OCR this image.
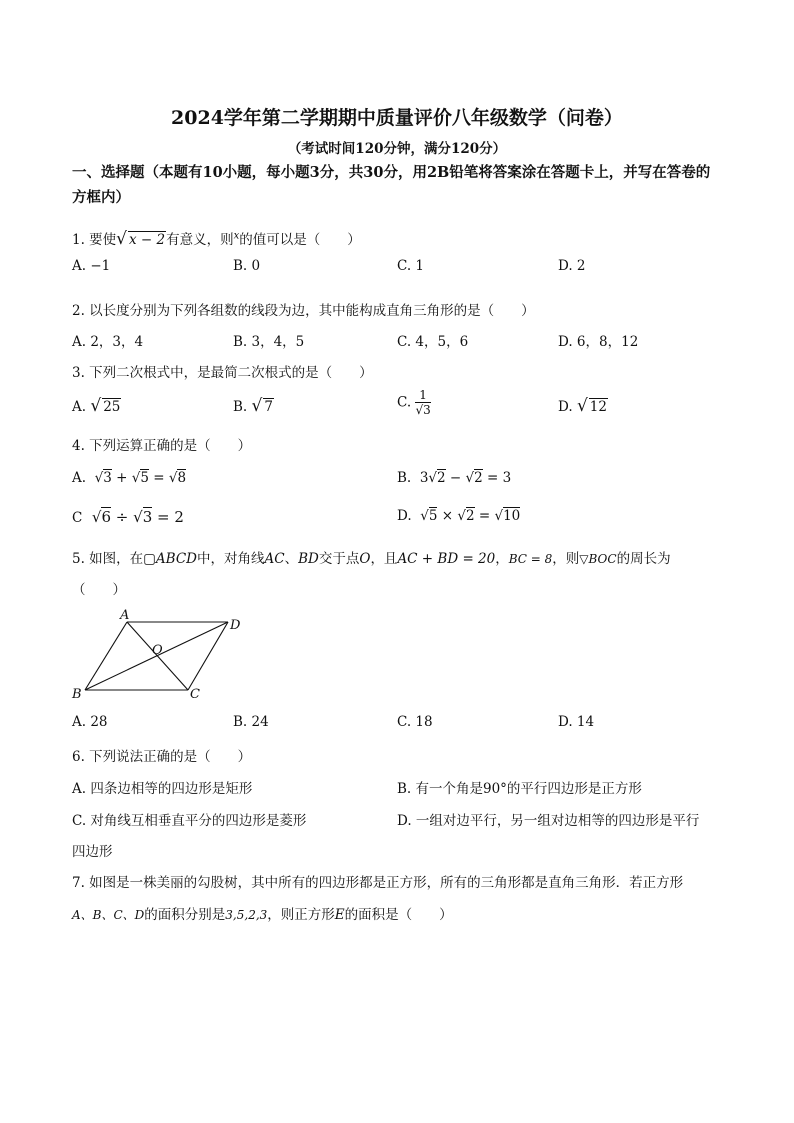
2024学年第二学期期中质量评价八年级数学（问卷）
（考试时间120分钟，满分120分）
一、选择题（本题有10小题，每小题3分，共30分，用2B铅笔将答案涂在答题卡上，并写在答卷的方框内）
1. 要使√ x − 2有意义，则$^x$的值可以是（　　）
A. −1	B. 0	C. 1	D. 2
2. 以长度分别为下列各组数的线段为边，其中能构成直角三角形的是（　　）
A. 2，3，4	B. 3，4，5	C. 4，5，6	D. 6，8，12
3. 下列二次根式中，是最简二次根式的是（　　）
A. √ 25	B. √ 7	C. $\frac{1}{√3}$	D. √ 12
4. 下列运算正确的是（　　）
A. √3 + √5 = √8	B. 3√2 − √2 = 3
C √6 ÷ √3 = 2	D. √5 × √2 = √10
5. 如图，在▢ABCD中，对角线AC、BD交于点O，且AC + BD = 20，BC = 8，则▽BOC的周长为
（　　）
A
D
O
B	C
A. 28	B. 24	C. 18	D. 14
6. 下列说法正确的是（　　）
A. 四条边相等的四边形是矩形	B. 有一个角是90°的平行四边形是正方形
C. 对角线互相垂直平分的四边形是菱形	D. 一组对边平行，另一组对边相等的四边形是平行
四边形
7. 如图是一株美丽的勾股树，其中所有的四边形都是正方形，所有的三角形都是直角三角形．若正方形
A、B、C、D的面积分别是3,5,2,3，则正方形E的面积是（　　）
